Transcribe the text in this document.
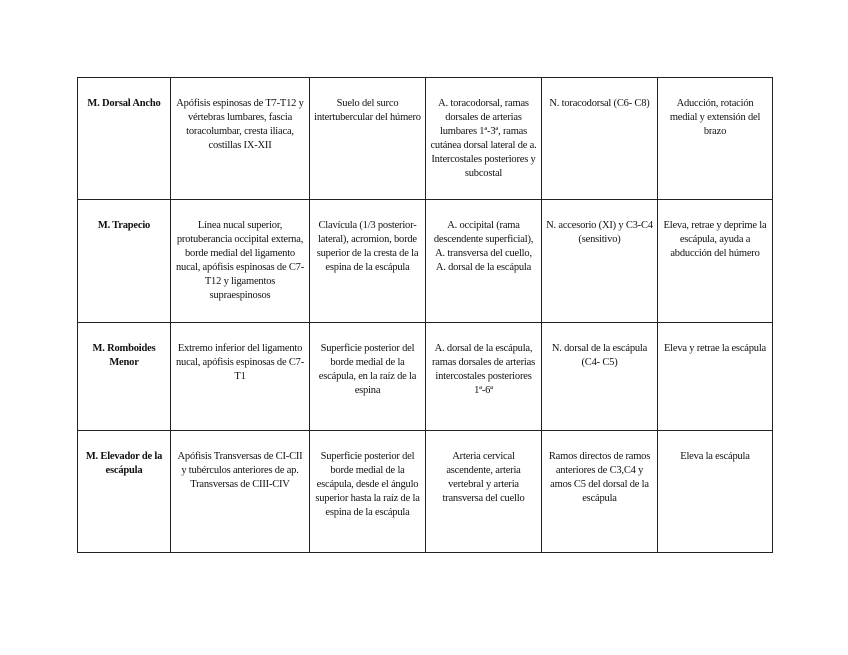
M. Dorsal Ancho	Apófisis espinosas de T7-T12 y vértebras lumbares, fascia toracolumbar, cresta iliaca, costillas IX-XII	Suelo del surco intertubercular del húmero	A. toracodorsal, ramas dorsales de arterias lumbares 1ª-3ª, ramas cutánea dorsal lateral de a. Intercostales posteriores y subcostal	N. toracodorsal (C6- C8)	Aducción, rotación medial y extensión del brazo

M. Trapecio	Línea nucal superior, protuberancia occipital externa, borde medial del ligamento nucal, apófisis espinosas de C7-T12 y ligamentos supraespinosos	Clavícula (1/3 posterior-lateral), acromion, borde superior de la cresta de la espina de la escápula	A. occipital (rama descendente superficial), A. transversa del cuello, A. dorsal de la escápula	N. accesorio (XI) y C3-C4 (sensitivo)	Eleva, retrae y deprime la escápula, ayuda a abducción del húmero

M. Romboides Menor	Extremo inferior del ligamento nucal, apófisis espinosas de C7-T1	Superficie posterior del borde medial de la escápula, en la raíz de la espina	A. dorsal de la escápula, ramas dorsales de arterias intercostales posteriores 1ª-6ª	N. dorsal de la escápula (C4- C5)	Eleva y retrae la escápula

M. Elevador de la escápula	Apófisis Transversas de CI-CII y tubérculos anteriores de ap. Transversas de CIII-CIV	Superficie posterior del borde medial de la escápula, desde el ángulo superior hasta la raíz de la espina de la escápula	Arteria cervical ascendente, arteria vertebral y arteria transversa del cuello	Ramos directos de ramos anteriores de C3,C4 y amos C5 del dorsal de la escápula	Eleva la escápula
